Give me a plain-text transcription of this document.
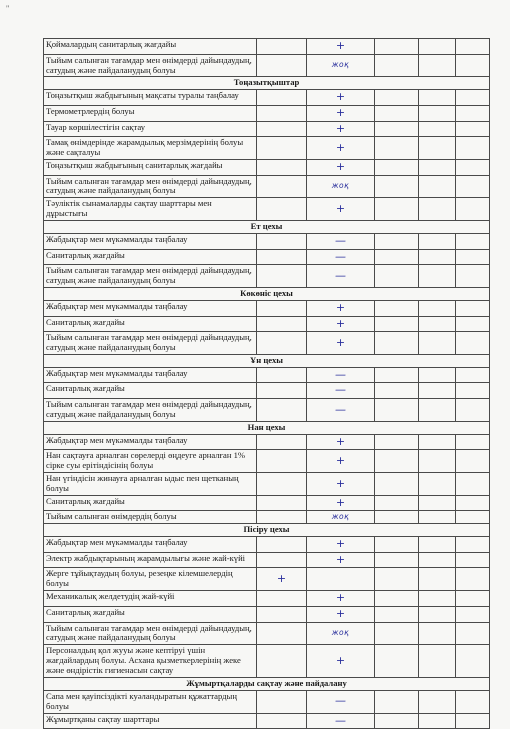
"
Қоймалардың санитарлық жағдайы		+			
Тыйым салынған тағамдар мен өнімдерді дайындаудың, сатудың және пайдаланудың болуы		жоқ			
Тоңазытқыштар					
Тоңазытқыш жабдығының мақсаты туралы таңбалау		+			
Термометрлердің болуы		+			
Тауар көршілестігін сақтау		+			
Тамақ өнімдерінде жарамдылық мерзімдерінің болуы және сақталуы		+			
Тоңазытқыш жабдығының санитарлық жағдайы		+			
Тыйым салынған тағамдар мен өнімдерді дайындаудың, сатудың және пайдаланудың болуы		жоқ			
Тәуліктік сынамаларды сақтау шарттары мен дұрыстығы		+			
Ет цехы					
Жабдықтар мен мүкәммалды таңбалау		—			
Санитарлық жағдайы		—			
Тыйым салынған тағамдар мен өнімдерді дайындаудың, сатудың және пайдаланудың болуы		—			
Көкөніс цехы					
Жабдықтар мен мүкәммалды таңбалау		+			
Санитарлық жағдайы		+			
Тыйым салынған тағамдар мен өнімдерді дайындаудың, сатудың және пайдаланудың болуы		+			
Ұн цехы					
Жабдықтар мен мүкәммалды таңбалау		—			
Санитарлық жағдайы		—			
Тыйым салынған тағамдар мен өнімдерді дайындаудың, сатудың және пайдаланудың болуы		—			
Нан цехы					
Жабдықтар мен мүкәммалды таңбалау		+			
Нан сақтауға арналған сөрелерді өңдеуге арналған 1% сірке суы ерітіндісінің болуы		+			
Нан үгіндісін жинауға арналған ыдыс пен щетканың болуы		+			
Санитарлық жағдайы		+			
Тыйым салынған өнімдердің болуы		жоқ			
Пісіру цехы					
Жабдықтар мен мүкәммалды таңбалау		+			
Электр жабдықтарының жарамдылығы және жай-күйі		+			
Жерге тұйықтаудың болуы, резеңке кілемшелердің болуы	+				
Механикалық желдетудің жай-күйі		+			
Санитарлық жағдайы		+			
Тыйым салынған тағамдар мен өнімдерді дайындаудың, сатудың және пайдаланудың болуы		жоқ			
Персоналдың қол жууы және кептіруі үшін жағдайлардың болуы. Асхана қызметкерлерінің жеке және өндірістік гигиенасын сақтау		+			
Жұмыртқаларды сақтау және пайдалану					
Сапа мен қауіпсіздікті куәландыратын құжаттардың болуы		—			
Жұмыртқаны сақтау шарттары		—			
